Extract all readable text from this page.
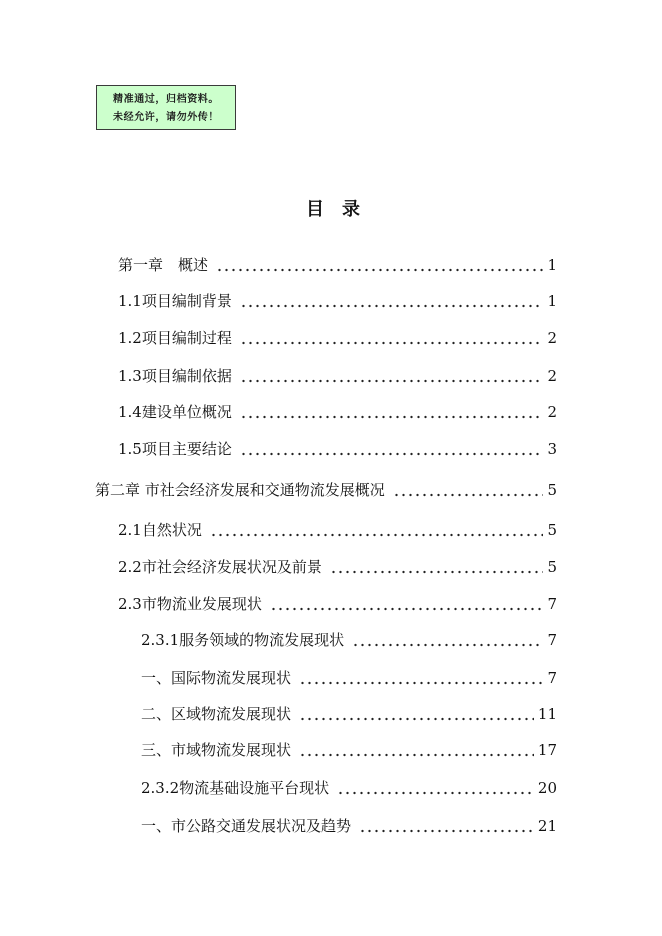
精准通过，归档资料。
未经允许，请勿外传！
目　录
第一章　概述	1
1.1项目编制背景	1
1.2项目编制过程	2
1.3项目编制依据	2
1.4建设单位概况	2
1.5项目主要结论	3
第二章 市社会经济发展和交通物流发展概况	5
2.1自然状况	5
2.2市社会经济发展状况及前景	5
2.3市物流业发展现状	7
2.3.1服务领域的物流发展现状	7
一、国际物流发展现状	7
二、区域物流发展现状	11
三、市域物流发展现状	17
2.3.2物流基础设施平台现状	20
一、市公路交通发展状况及趋势	21
